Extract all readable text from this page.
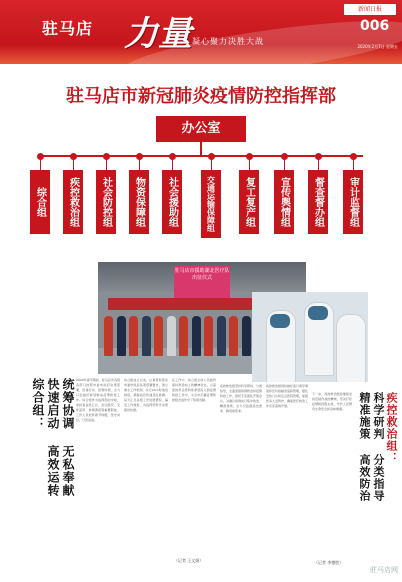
驻马店 力量 凝心聚力决胜大战
新闻日报
006
2020年2月7日 星期五
驻马店市新冠肺炎疫情防控指挥部
办公室
综合组	疾控救治组	社会防控组	物资保障组	社会援助组	交通运输保障组	复工复产组	宣传舆情组	督查督办组	审计监督组
驻马店市援助湖北医疗队出征仪式
疾控救治组：
科学研判 分类指导
精准施策 高效防治
综合组： 快速启动 高效运转 统筹协调 无私奉献 2020年春节期间，驻马店市各级各部门按照市委市政府决策部署，迅速行动、统筹协调，全力以赴做好新冠肺炎疫情防控工作。综合组作为指挥部的中枢，承担着信息汇总、会议组织、文件起草、协调调度等重要职能，工作人员放弃春节休假，坚守岗位，日夜奋战。
综合组成立以来，认真贯彻落实市委市政府各项部署要求，建立健全工作机制，实行24小时值班制度，确保信息传递及时准确。每天汇总各组工作进展情况，编发工作简报，为指挥部科学决策提供依据。
在工作中，综合组全体人员始终保持昂扬向上的精神状态，以高度的责任感和使命感投入到疫情防控工作中，为全市打赢疫情防控阻击战作出了积极贡献。
疾控救治组坚持科学研判、分类指导，全面加强病例救治和疫情防控工作，组织专家团队开展会诊，对确诊病例实行集中收治，精准施策，全力以赴提高治愈率、降低病死率。
疾控救治组同时做好流行病学调查和密切接触者追踪管理，强化发热门诊和定点医院管理，加强医务人员防护，确保医疗救治工作有序高效开展。
下一步，疾控救治组将继续发扬连续作战的精神，坚决打好疫情防控阻击战，守护人民群众生命安全和身体健康。
（记者 王文娟）	（记者 李德胜）
驻马店网
